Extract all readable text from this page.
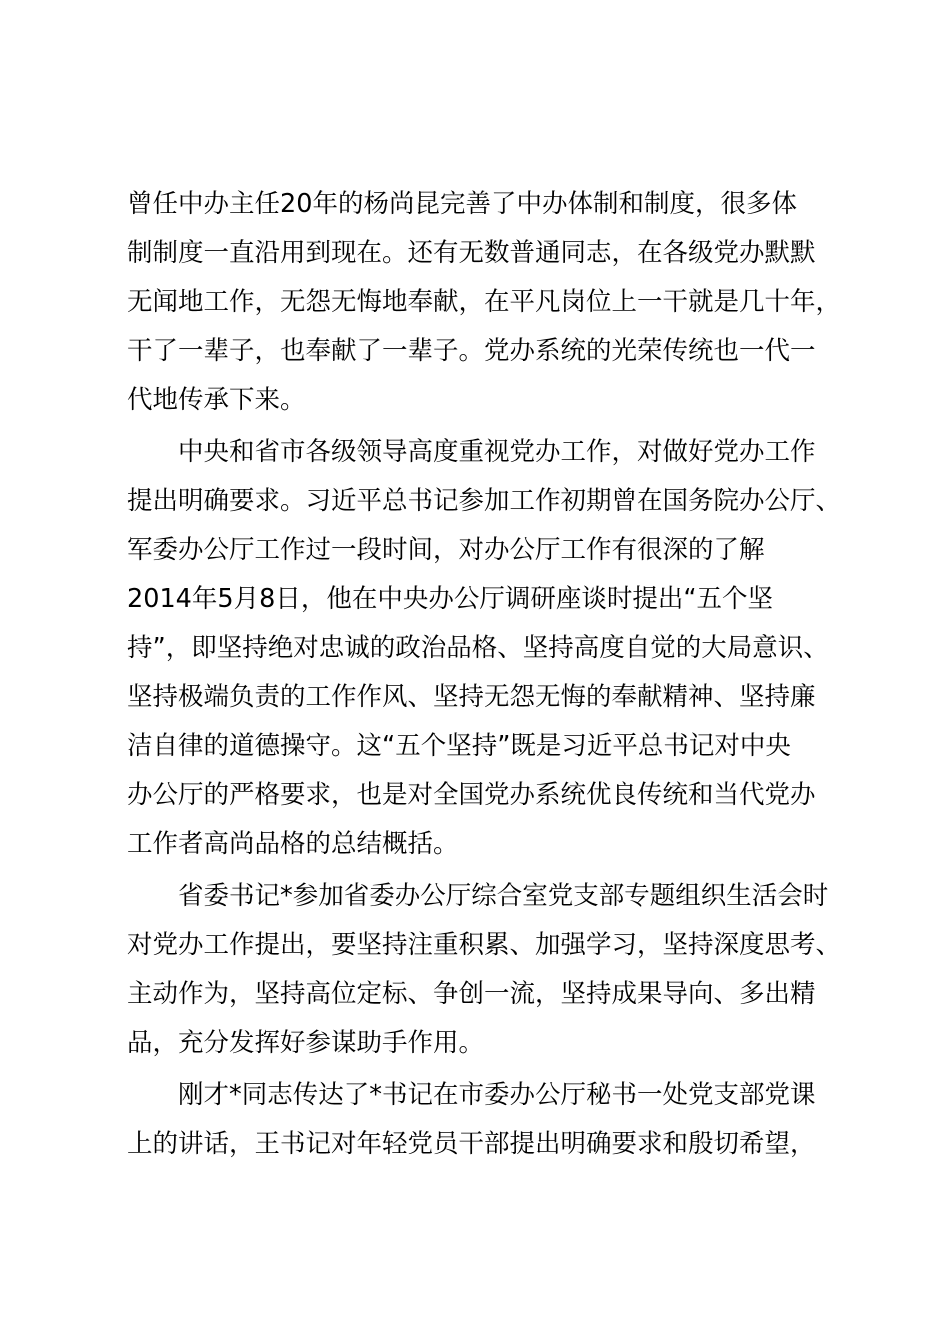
曾任中办主任20年的杨尚昆完善了中办体制和制度，很多体
制制度一直沿用到现在。还有无数普通同志，在各级党办默默
无闻地工作，无怨无悔地奉献，在平凡岗位上一干就是几十年，
干了一辈子，也奉献了一辈子。党办系统的光荣传统也一代一
代地传承下来。
　　中央和省市各级领导高度重视党办工作，对做好党办工作
提出明确要求。习近平总书记参加工作初期曾在国务院办公厅、
军委办公厅工作过一段时间，对办公厅工作有很深的了解
2014年5月8日，他在中央办公厅调研座谈时提出“五个坚
持”，即坚持绝对忠诚的政治品格、坚持高度自觉的大局意识、
坚持极端负责的工作作风、坚持无怨无悔的奉献精神、坚持廉
洁自律的道德操守。这“五个坚持”既是习近平总书记对中央
办公厅的严格要求，也是对全国党办系统优良传统和当代党办
工作者高尚品格的总结概括。
　　省委书记*参加省委办公厅综合室党支部专题组织生活会时
对党办工作提出，要坚持注重积累、加强学习，坚持深度思考、
主动作为，坚持高位定标、争创一流，坚持成果导向、多出精
品，充分发挥好参谋助手作用。
　　刚才*同志传达了*书记在市委办公厅秘书一处党支部党课
上的讲话，王书记对年轻党员干部提出明确要求和殷切希望，
